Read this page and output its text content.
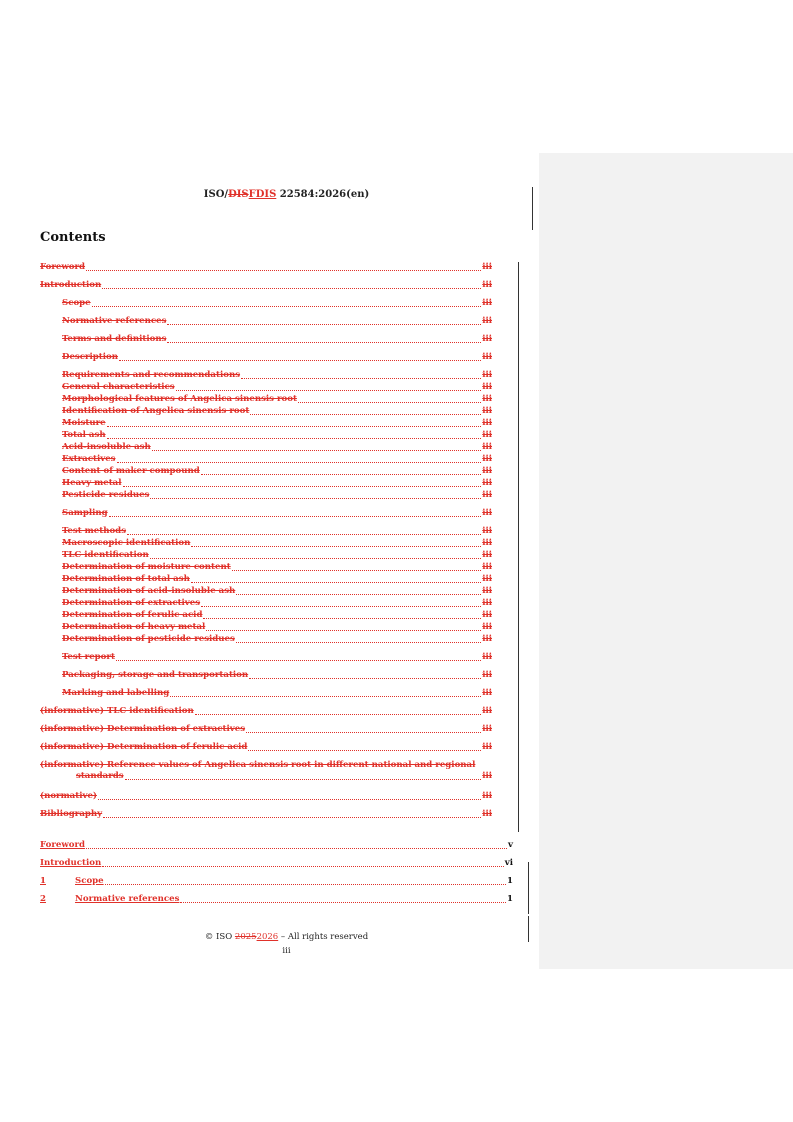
ISO/DISFDIS 22584:2026(en)
Contents
Foreword	iii
Introduction	iii
Scope	iii
Normative references	iii
Terms and definitions	iii
Description	iii
Requirements and recommendations	iii
General characteristics	iii
Morphological features of Angelica sinensis root	iii
Identification of Angelica sinensis root	iii
Moisture	iii
Total ash	iii
Acid-insoluble ash	iii
Extractives	iii
Content of maker compound	iii
Heavy metal	iii
Pesticide residues	iii
Sampling	iii
Test methods	iii
Macroscopic identification	iii
TLC identification	iii
Determination of moisture content	iii
Determination of total ash	iii
Determination of acid-insoluble ash	iii
Determination of extractives	iii
Determination of ferulic acid	iii
Determination of heavy metal	iii
Determination of pesticide residues	iii
Test report	iii
Packaging, storage and transportation	iii
Marking and labelling	iii
(informative) TLC identification	iii
(informative) Determination of extractives	iii
(informative) Determination of ferulic acid	iii
(informative) Reference values of Angelica sinensis root in different national and regional
standards	iii
(normative)	iii
Bibliography	iii
Foreword	v
Introduction	vi
1	Scope	1
2	Normative references	1
© ISO 20252026 – All rights reserved
iii
